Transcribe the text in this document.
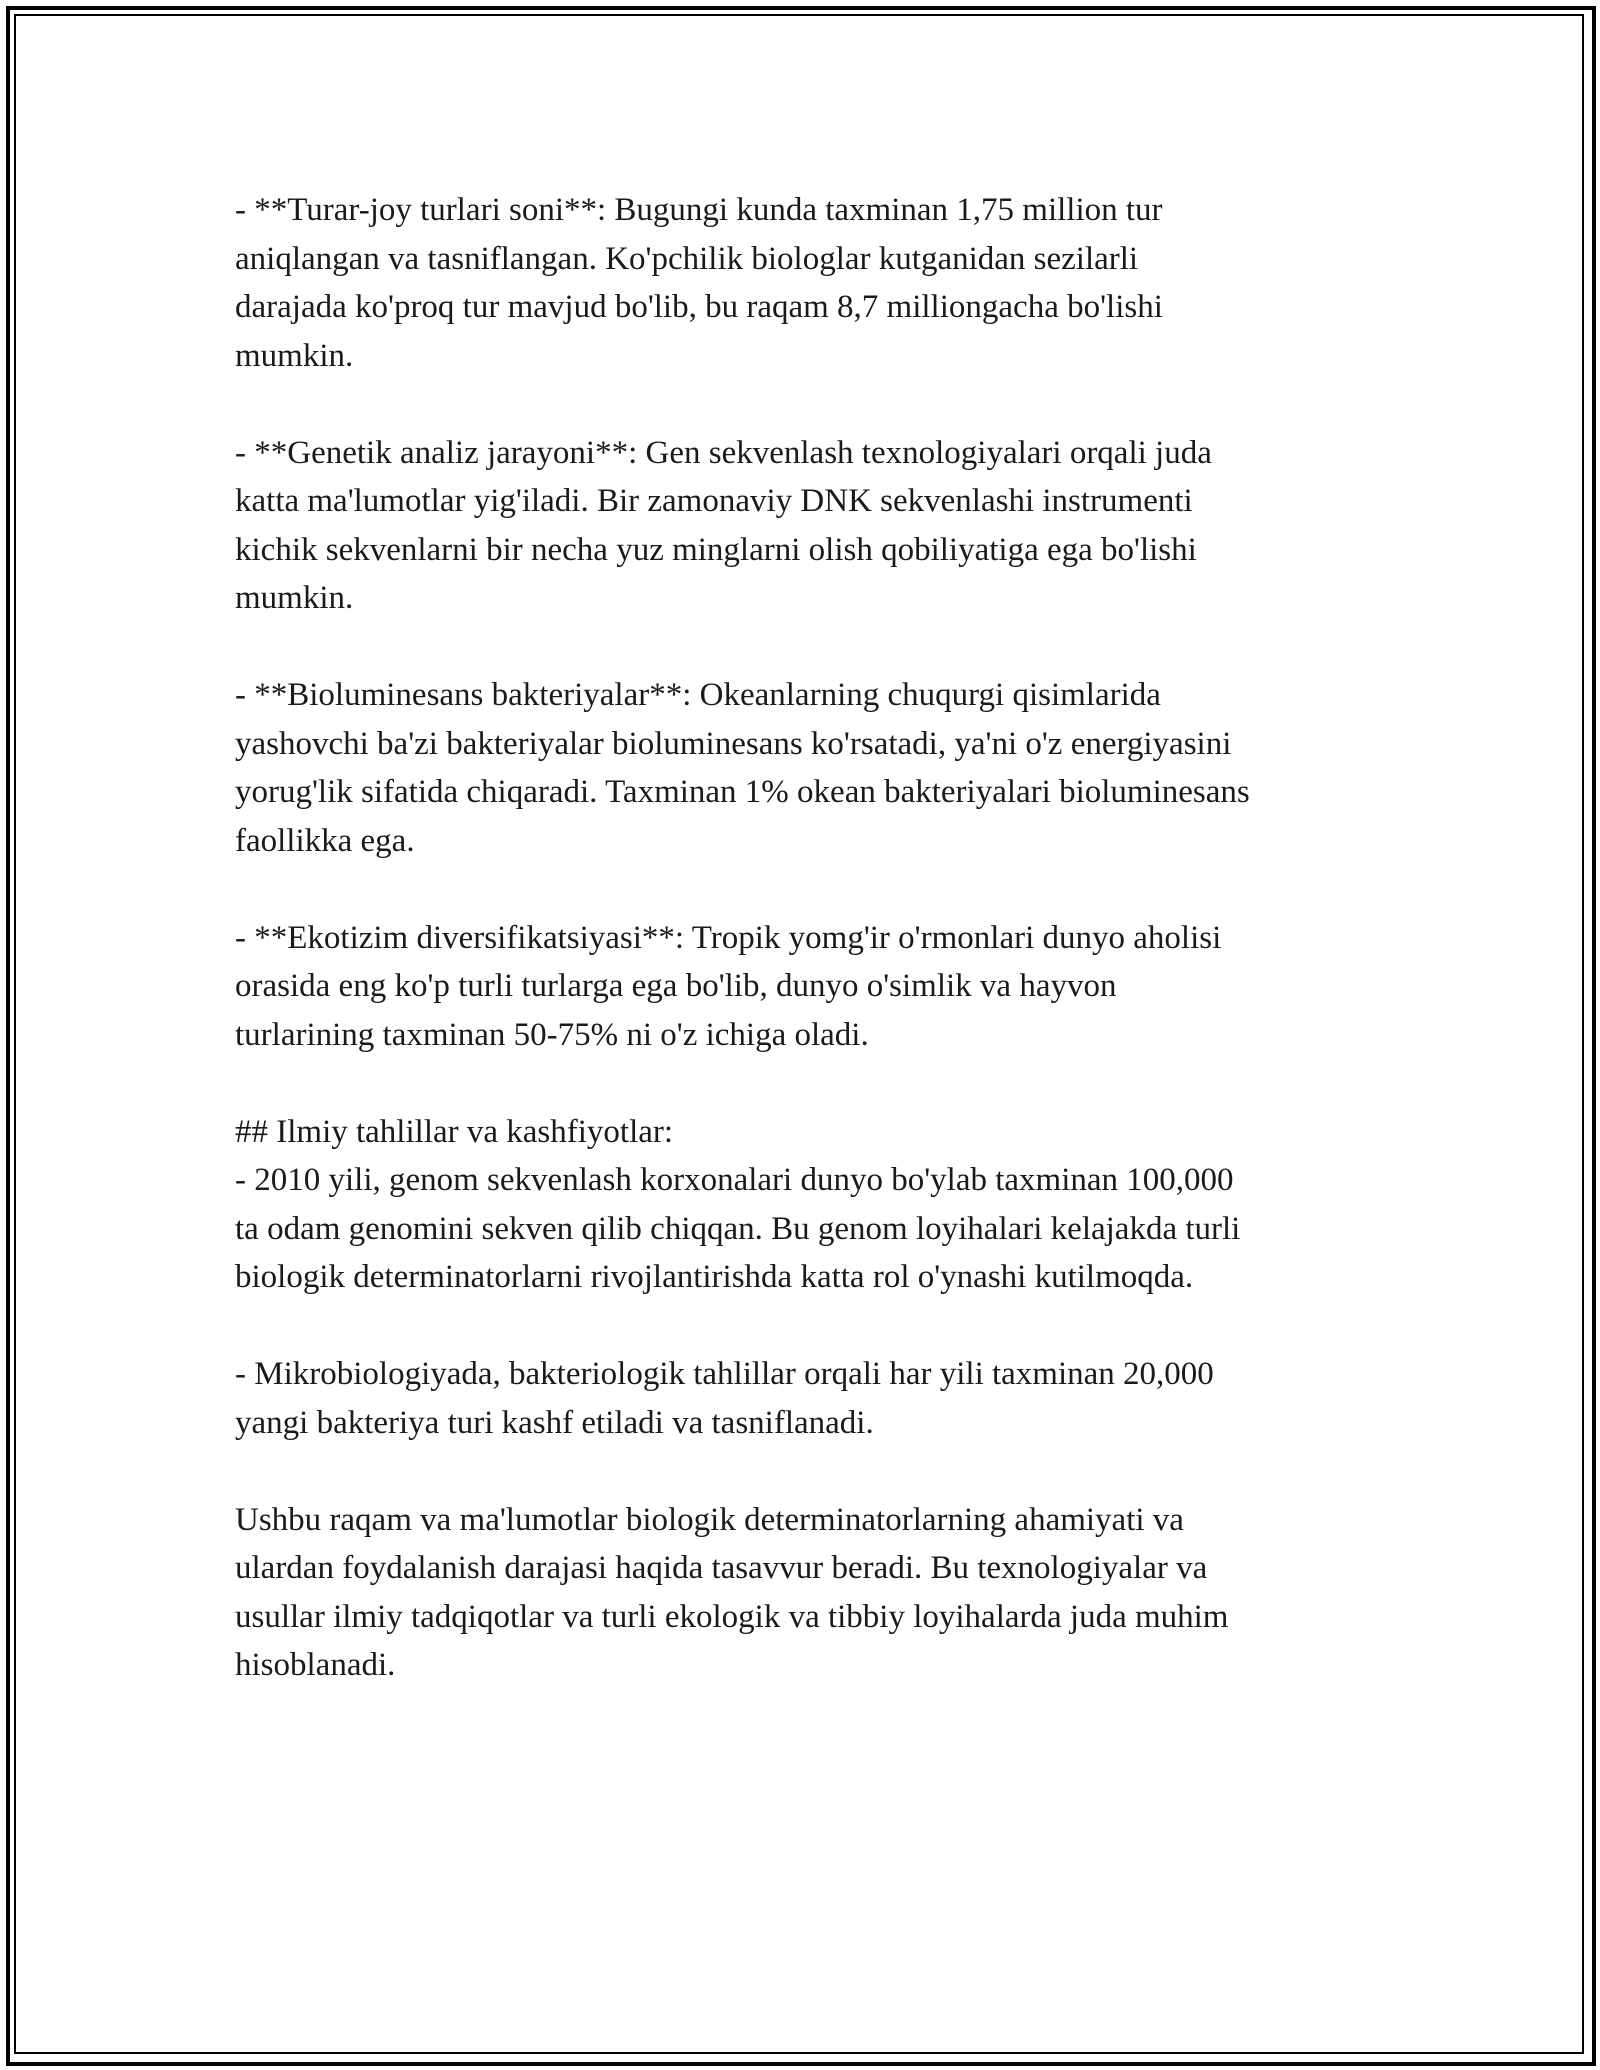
- **Turar-joy turlari soni**: Bugungi kunda taxminan 1,75 million tur
aniqlangan va tasniflangan. Ko'pchilik biologlar kutganidan sezilarli
darajada ko'proq tur mavjud bo'lib, bu raqam 8,7 milliongacha bo'lishi
mumkin.

- **Genetik analiz jarayoni**: Gen sekvenlash texnologiyalari orqali juda
katta ma'lumotlar yig'iladi. Bir zamonaviy DNK sekvenlashi instrumenti
kichik sekvenlarni bir necha yuz minglarni olish qobiliyatiga ega bo'lishi
mumkin.

- **Bioluminesans bakteriyalar**: Okeanlarning chuqurgi qisimlarida
yashovchi ba'zi bakteriyalar bioluminesans ko'rsatadi, ya'ni o'z energiyasini
yorug'lik sifatida chiqaradi. Taxminan 1% okean bakteriyalari bioluminesans
faollikka ega.

- **Ekotizim diversifikatsiyasi**: Tropik yomg'ir o'rmonlari dunyo aholisi
orasida eng ko'p turli turlarga ega bo'lib, dunyo o'simlik va hayvon
turlarining taxminan 50-75% ni o'z ichiga oladi.

## Ilmiy tahlillar va kashfiyotlar:
- 2010 yili, genom sekvenlash korxonalari dunyo bo'ylab taxminan 100,000
ta odam genomini sekven qilib chiqqan. Bu genom loyihalari kelajakda turli
biologik determinatorlarni rivojlantirishda katta rol o'ynashi kutilmoqda.

- Mikrobiologiyada, bakteriologik tahlillar orqali har yili taxminan 20,000
yangi bakteriya turi kashf etiladi va tasniflanadi.

Ushbu raqam va ma'lumotlar biologik determinatorlarning ahamiyati va
ulardan foydalanish darajasi haqida tasavvur beradi. Bu texnologiyalar va
usullar ilmiy tadqiqotlar va turli ekologik va tibbiy loyihalarda juda muhim
hisoblanadi.
